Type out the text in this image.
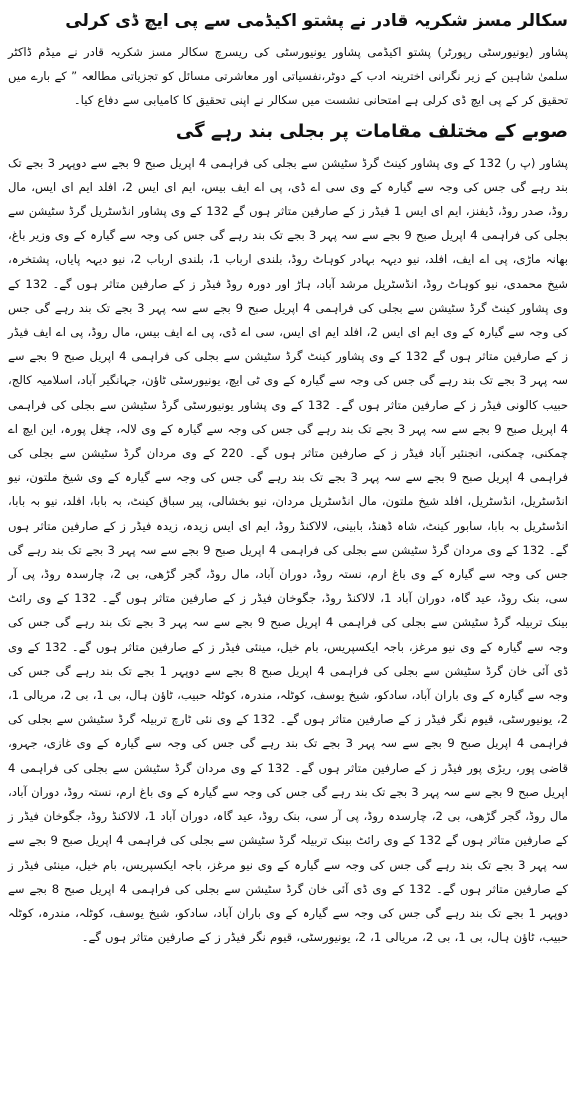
سکالر مسز شکریہ قادر نے پشتو اکیڈمی سے پی ایچ ڈی کرلی

پشاور (یونیورسٹی رپورٹر) پشتو اکیڈمی پشاور یونیورسٹی کی ریسرچ سکالر مسز شکریہ قادر نے میڈم ڈاکٹر سلمیٰ شاہین کے زیر نگرانی اخترینہ ادب کے دوٹر،نفسیاتی اور معاشرتی مسائل کو تجزیاتی مطالعہ ” کے بارے میں تحقیق کر کے پی ایچ ڈی کرلی ہے امتحانی نشست میں سکالر نے اپنی تحقیق کا کامیابی سے دفاع کیا۔

صوبے کے مختلف مقامات پر بجلی بند رہے گی

پشاور (پ ر) 132 کے وی پشاور کینٹ گرڈ سٹیشن سے بجلی کی فراہمی 4 اپریل صبح 9 بجے سے دوپہر 3 بجے تک بند رہے گی جس کی وجہ سے گیارہ کے وی سی اے ڈی، پی اے ایف بیس، ایم ای ایس 2، افلد ایم ای ایس، مال روڈ، صدر روڈ، ڈیفنز، ایم ای ایس 1 فیڈر ز کے صارفین متاثر ہوں گے 132 کے وی پشاور انڈسٹریل گرڈ سٹیشن سے بجلی کی فراہمی 4 اپریل صبح 9 بجے سے سہ پہر 3 بجے تک بند رہے گی جس کی وجہ سے گیارہ کے وی وزیر باغ، بھانہ ماڑی، پی اے ایف، افلد، نیو دیہہ بہادر کوہاٹ روڈ، بلندی ارباب 1، بلندی ارباب 2، نیو دیہہ پایاں، پشتخرہ، شیخ محمدی، نیو کوہاٹ روڈ، انڈسٹریل مرشد آباد، ہاڑ اور دورہ روڈ فیڈر ز کے صارفین متاثر ہوں گے۔ 132 کے وی پشاور کینٹ گرڈ سٹیشن سے بجلی کی فراہمی 4 اپریل صبح 9 بجے سے سہ پہر 3 بجے تک بند رہے گی جس کی وجہ سے گیارہ کے وی ایم ای ایس 2، افلد ایم ای ایس، سی اے ڈی، پی اے ایف بیس، مال روڈ، پی اے ایف فیڈر ز کے صارفین متاثر ہوں گے 132 کے وی پشاور کینٹ گرڈ سٹیشن سے بجلی کی فراہمی 4 اپریل صبح 9 بجے سے سہ پہر 3 بجے تک بند رہے گی جس کی وجہ سے گیارہ کے وی ٹی ایچ، یونیورسٹی ٹاؤن، جہانگیر آباد، اسلامیہ کالج، حبیب کالونی فیڈر ز کے صارفین متاثر ہوں گے۔ 132 کے وی پشاور یونیورسٹی گرڈ سٹیشن سے بجلی کی فراہمی 4 اپریل صبح 9 بجے سے سہ پہر 3 بجے تک بند رہے گی جس کی وجہ سے گیارہ کے وی لالہ، چغل پورہ، این ایچ اے چمکنی، چمکنی، انجنئیر آباد فیڈر ز کے صارفین متاثر ہوں گے۔ 220 کے وی مردان گرڈ سٹیشن سے بجلی کی فراہمی 4 اپریل صبح 9 بجے سے سہ پہر 3 بجے تک بند رہے گی جس کی وجہ سے گیارہ کے وی شیخ ملتون، نیو انڈسٹریل، انڈسٹریل، افلد شیخ ملتون، مال انڈسٹریل مردان، نیو بخشالی، پیر سباق کینٹ، بہ بابا، افلد، نیو بہ بابا، انڈسٹریل بہ بابا، سابور کینٹ، شاہ ڈھنڈ، بابینی، لالاکنڈ روڈ، ایم ای ایس زیدہ، زیدہ فیڈر ز کے صارفین متاثر ہوں گے۔ 132 کے وی مردان گرڈ سٹیشن سے بجلی کی فراہمی 4 اپریل صبح 9 بجے سے سہ پہر 3 بجے تک بند رہے گی جس کی وجہ سے گیارہ کے وی باغ ارم، نستہ روڈ، دوران آباد، مال روڈ، گجر گڑھی، بی 2، چارسدہ روڈ، پی آر سی، بنک روڈ، عید گاہ، دوران آباد 1، لالاکنڈ روڈ، جگوخان فیڈر ز کے صارفین متاثر ہوں گے۔ 132 کے وی رائٹ بینک تربیلہ گرڈ سٹیشن سے بجلی کی فراہمی 4 اپریل صبح 9 بجے سے سہ پہر 3 بجے تک بند رہے گی جس کی وجہ سے گیارہ کے وی نیو مرغز، باجہ ایکسپریس، بام خیل، مینئی فیڈر ز کے صارفین متاثر ہوں گے۔ 132 کے وی ڈی آئی خان گرڈ سٹیشن سے بجلی کی فراہمی 4 اپریل صبح 8 بجے سے دوپہر 1 بجے تک بند رہے گی جس کی وجہ سے گیارہ کے وی باران آباد، سادکو، شیخ یوسف، کوٹلہ، مندرہ، کوٹلہ حبیب، ٹاؤن ہال، بی 1، بی 2، مریالی 1، 2، یونیورسٹی، قیوم نگر فیڈر ز کے صارفین متاثر ہوں گے۔ 132 کے وی نئی ٹارچ تربیلہ گرڈ سٹیشن سے بجلی کی فراہمی 4 اپریل صبح 9 بجے سے سہ پہر 3 بجے تک بند رہے گی جس کی وجہ سے گیارہ کے وی غازی، جہرو، قاضی پور، ریڑی پور فیڈر ز کے صارفین متاثر ہوں گے۔ 132 کے وی مردان گرڈ سٹیشن سے بجلی کی فراہمی 4 اپریل صبح 9 بجے سے سہ پہر 3 بجے تک بند رہے گی جس کی وجہ سے گیارہ کے وی باغ ارم، نستہ روڈ، دوران آباد، مال روڈ، گجر گڑھی، بی 2، چارسدہ روڈ، پی آر سی، بنک روڈ، عید گاہ، دوران آباد 1، لالاکنڈ روڈ، جگوخان فیڈر ز کے صارفین متاثر ہوں گے 132 کے وی رائٹ بینک تربیلہ گرڈ سٹیشن سے بجلی کی فراہمی 4 اپریل صبح 9 بجے سے سہ پہر 3 بجے تک بند رہے گی جس کی وجہ سے گیارہ کے وی نیو مرغز، باجہ ایکسپریس، بام خیل، مینئی فیڈر ز کے صارفین متاثر ہوں گے۔ 132 کے وی ڈی آئی خان گرڈ سٹیشن سے بجلی کی فراہمی 4 اپریل صبح 8 بجے سے دوپہر 1 بجے تک بند رہے گی جس کی وجہ سے گیارہ کے وی باران آباد، سادکو، شیخ یوسف، کوٹلہ، مندرہ، کوٹلہ حبیب، ٹاؤن ہال، بی 1، بی 2، مریالی 1، 2، یونیورسٹی، قیوم نگر فیڈر ز کے صارفین متاثر ہوں گے۔
